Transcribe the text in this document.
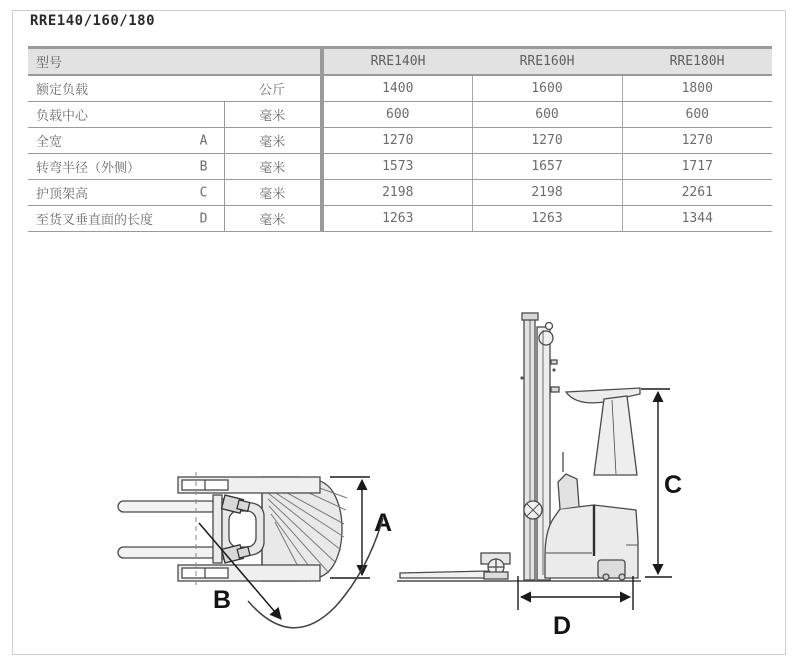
RRE140/160/180
型号		RRE140H	RRE160H	RRE180H
额定负载	公斤	1400	1600	1800
负载中心	毫米	600	600	600
全宽 A	毫米	1270	1270	1270
转弯半径（外侧） B	毫米	1573	1657	1717
护顶架高 C	毫米	2198	2198	2261
至货叉垂直面的长度 D	毫米	1263	1263	1344
A
B
C
D
